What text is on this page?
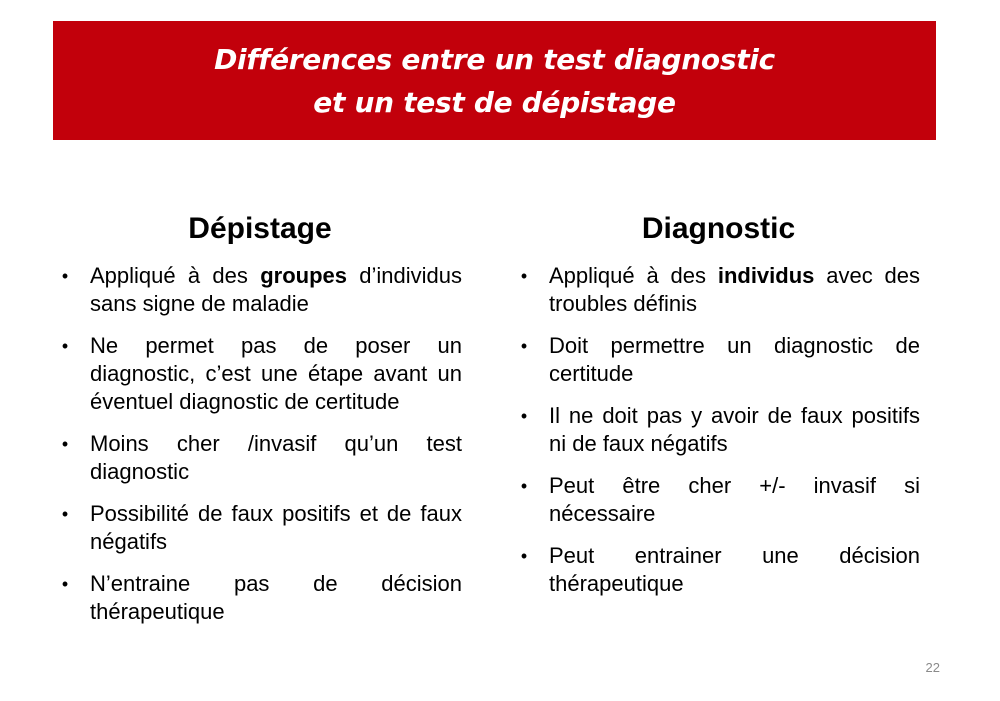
Différences entre un test diagnostic
et un test de dépistage
Dépistage
• Appliqué à des groupes d’individus sans signe de maladie
• Ne permet pas de poser un diagnostic, c’est une étape avant un éventuel diagnostic de certitude
• Moins cher /invasif qu’un test diagnostic
• Possibilité de faux positifs et de faux négatifs
• N’entraine pas de décision thérapeutique
Diagnostic
• Appliqué à des individus avec des troubles définis
• Doit permettre un diagnostic de certitude
• Il ne doit pas y avoir de faux positifs ni de faux négatifs
• Peut être cher +/- invasif si nécessaire
• Peut entrainer une décision thérapeutique
22
